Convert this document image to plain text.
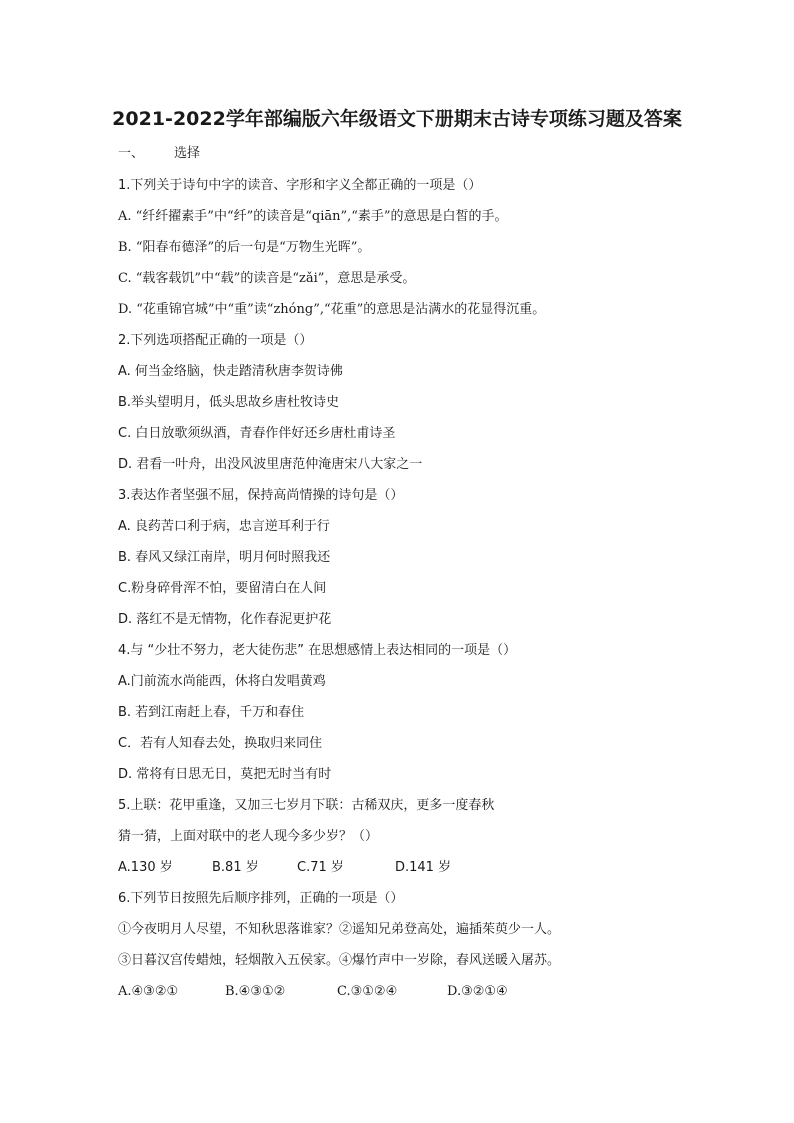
2021-2022学年部编版六年级语文下册期末古诗专项练习题及答案
一、 选择
1.下列关于诗句中字的读音、字形和字义全都正确的一项是（）
A. “纤纤擢素手”中“纤”的读音是“qiān”,“素手”的意思是白皙的手。
B. “阳春布德泽”的后一句是“万物生光晖”。
C. “载客载饥”中“载”的读音是“zǎi”，意思是承受。
D. “花重锦官城”中“重”读“zhóng”,“花重”的意思是沾满水的花显得沉重。
2.下列选项搭配正确的一项是（）
A. 何当金络脑，快走踏清秋唐李贺诗佛
B.举头望明月，低头思故乡唐杜牧诗史
C. 白日放歌须纵酒，青春作伴好还乡唐杜甫诗圣
D. 君看一叶舟，出没风波里唐范仲淹唐宋八大家之一
3.表达作者坚强不屈，保持高尚情操的诗句是（）
A. 良药苦口利于病，忠言逆耳利于行
B. 春风又绿江南岸，明月何时照我还
C.粉身碎骨浑不怕，要留清白在人间
D. 落红不是无情物，化作春泥更护花
4.与 “少壮不努力，老大徒伤悲” 在思想感情上表达相同的一项是（）
A.门前流水尚能西，休将白发唱黄鸡
B. 若到江南赶上春，千万和春住
C．若有人知春去处，换取归来同住
D. 常将有日思无日，莫把无时当有时
5.上联：花甲重逢，又加三七岁月下联：古稀双庆，更多一度春秋
猜一猜，上面对联中的老人现今多少岁？（）
A.130 岁	B.81 岁	C.71 岁	D.141 岁
6.下列节日按照先后顺序排列，正确的一项是（）
①今夜明月人尽望，不知秋思落谁家？②遥知兄弟登高处，遍插茱萸少一人。
③日暮汉宫传蜡烛，轻烟散入五侯家。④爆竹声中一岁除，春风送暖入屠苏。
A.④③②①	B.④③①②	C.③①②④	D.③②①④
